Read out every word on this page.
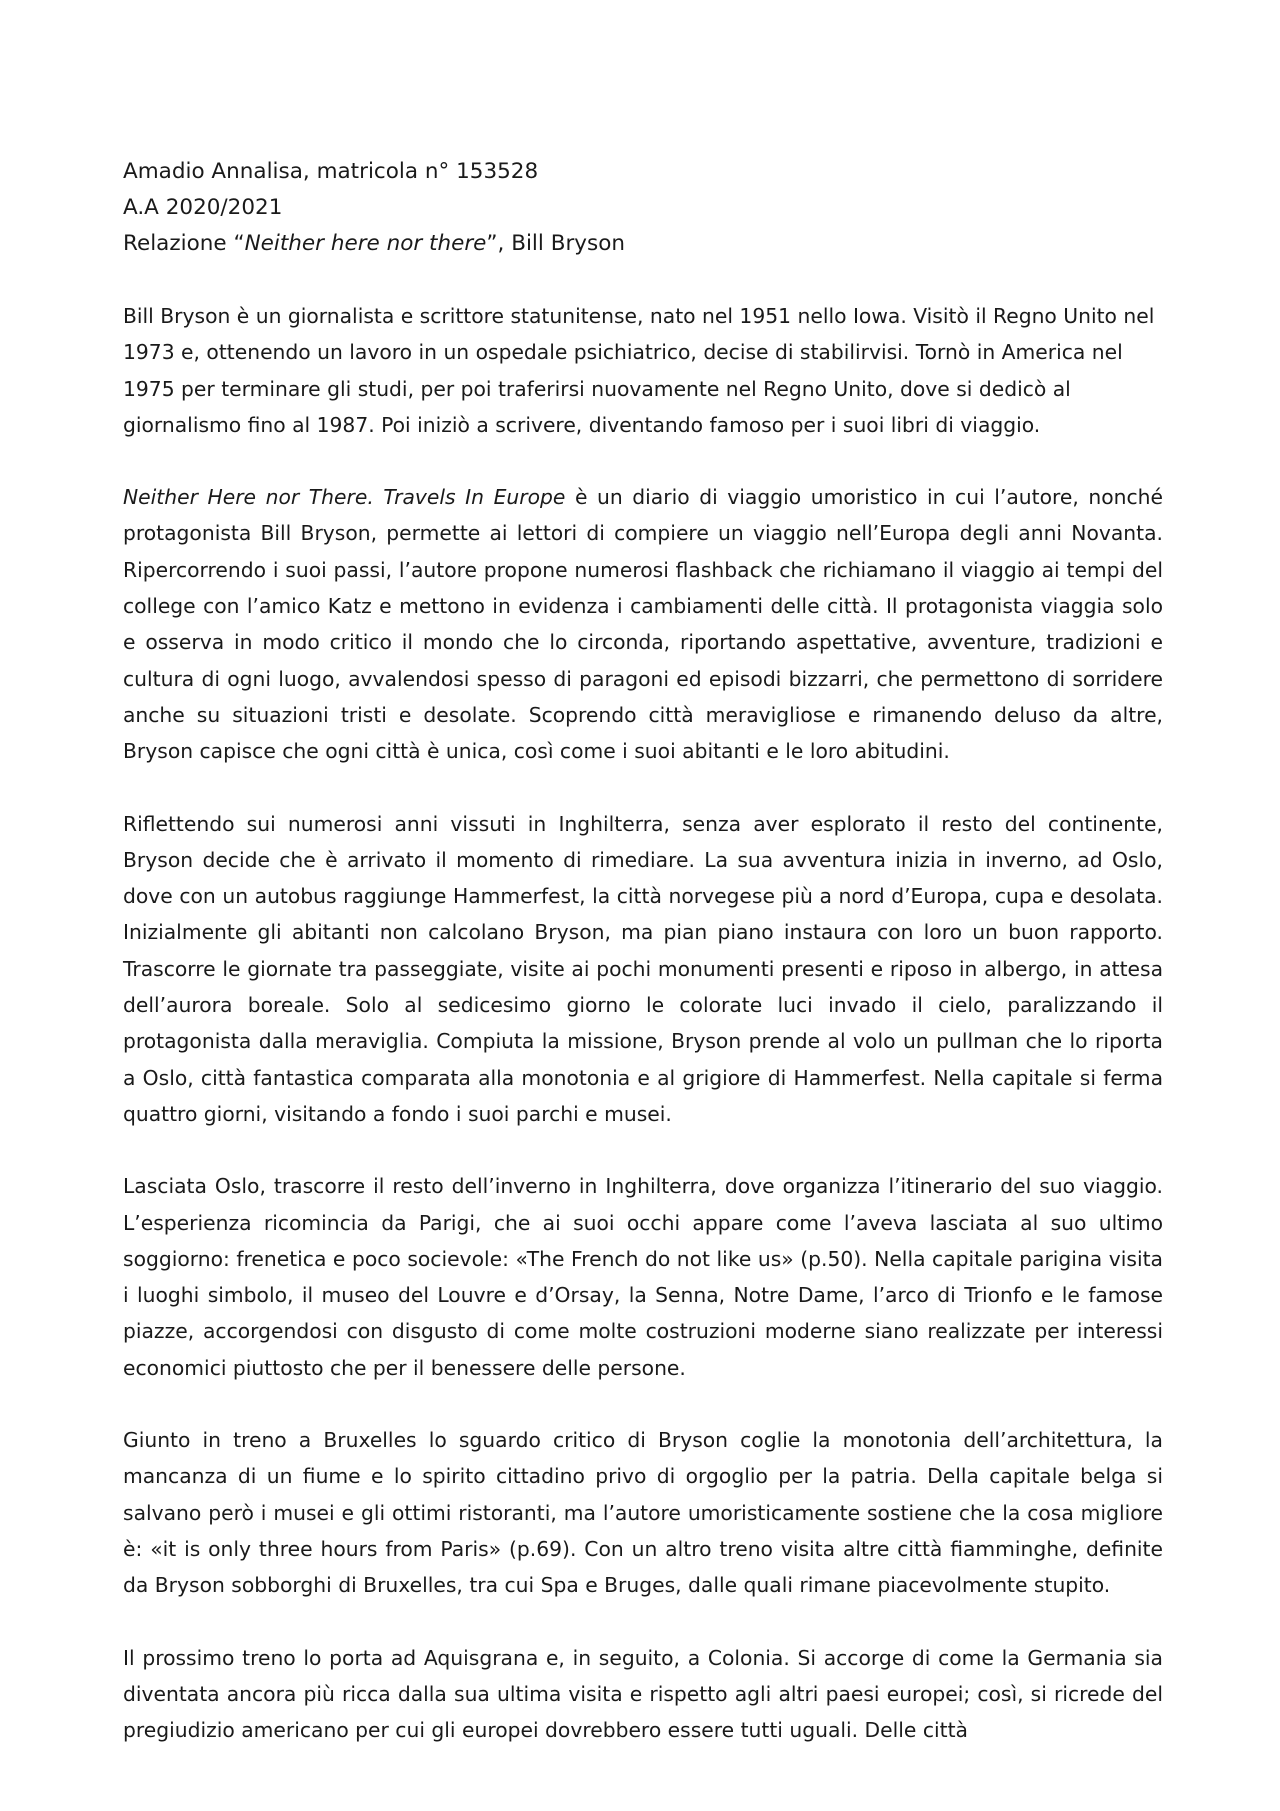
Amadio Annalisa, matricola n° 153528

A.A 2020/2021

Relazione “Neither here nor there”, Bill Bryson

Bill Bryson è un giornalista e scrittore statunitense, nato nel 1951 nello Iowa. Visitò il Regno Unito nel 1973 e, ottenendo un lavoro in un ospedale psichiatrico, decise di stabilirvisi. Tornò in America nel 1975 per terminare gli studi, per poi traferirsi nuovamente nel Regno Unito, dove si dedicò al giornalismo fino al 1987. Poi iniziò a scrivere, diventando famoso per i suoi libri di viaggio.

Neither Here nor There. Travels In Europe è un diario di viaggio umoristico in cui l’autore, nonché protagonista Bill Bryson, permette ai lettori di compiere un viaggio nell’Europa degli anni Novanta. Ripercorrendo i suoi passi, l’autore propone numerosi flashback che richiamano il viaggio ai tempi del college con l’amico Katz e mettono in evidenza i cambiamenti delle città. Il protagonista viaggia solo e osserva in modo critico il mondo che lo circonda, riportando aspettative, avventure, tradizioni e cultura di ogni luogo, avvalendosi spesso di paragoni ed episodi bizzarri, che permettono di sorridere anche su situazioni tristi e desolate. Scoprendo città meravigliose e rimanendo deluso da altre, Bryson capisce che ogni città è unica, così come i suoi abitanti e le loro abitudini.

Riflettendo sui numerosi anni vissuti in Inghilterra, senza aver esplorato il resto del continente, Bryson decide che è arrivato il momento di rimediare. La sua avventura inizia in inverno, ad Oslo, dove con un autobus raggiunge Hammerfest, la città norvegese più a nord d’Europa, cupa e desolata. Inizialmente gli abitanti non calcolano Bryson, ma pian piano instaura con loro un buon rapporto. Trascorre le giornate tra passeggiate, visite ai pochi monumenti presenti e riposo in albergo, in attesa dell’aurora boreale. Solo al sedicesimo giorno le colorate luci invado il cielo, paralizzando il protagonista dalla meraviglia. Compiuta la missione, Bryson prende al volo un pullman che lo riporta a Oslo, città fantastica comparata alla monotonia e al grigiore di Hammerfest. Nella capitale si ferma quattro giorni, visitando a fondo i suoi parchi e musei.

Lasciata Oslo, trascorre il resto dell’inverno in Inghilterra, dove organizza l’itinerario del suo viaggio. L’esperienza ricomincia da Parigi, che ai suoi occhi appare come l’aveva lasciata al suo ultimo soggiorno: frenetica e poco socievole: «The French do not like us» (p.50). Nella capitale parigina visita i luoghi simbolo, il museo del Louvre e d’Orsay, la Senna, Notre Dame, l’arco di Trionfo e le famose piazze, accorgendosi con disgusto di come molte costruzioni moderne siano realizzate per interessi economici piuttosto che per il benessere delle persone.

Giunto in treno a Bruxelles lo sguardo critico di Bryson coglie la monotonia dell’architettura, la mancanza di un fiume e lo spirito cittadino privo di orgoglio per la patria. Della capitale belga si salvano però i musei e gli ottimi ristoranti, ma l’autore umoristicamente sostiene che la cosa migliore è: «it is only three hours from Paris» (p.69). Con un altro treno visita altre città fiamminghe, definite da Bryson sobborghi di Bruxelles, tra cui Spa e Bruges, dalle quali rimane piacevolmente stupito.

Il prossimo treno lo porta ad Aquisgrana e, in seguito, a Colonia. Si accorge di come la Germania sia diventata ancora più ricca dalla sua ultima visita e rispetto agli altri paesi europei; così, si ricrede del pregiudizio americano per cui gli europei dovrebbero essere tutti uguali. Delle città
